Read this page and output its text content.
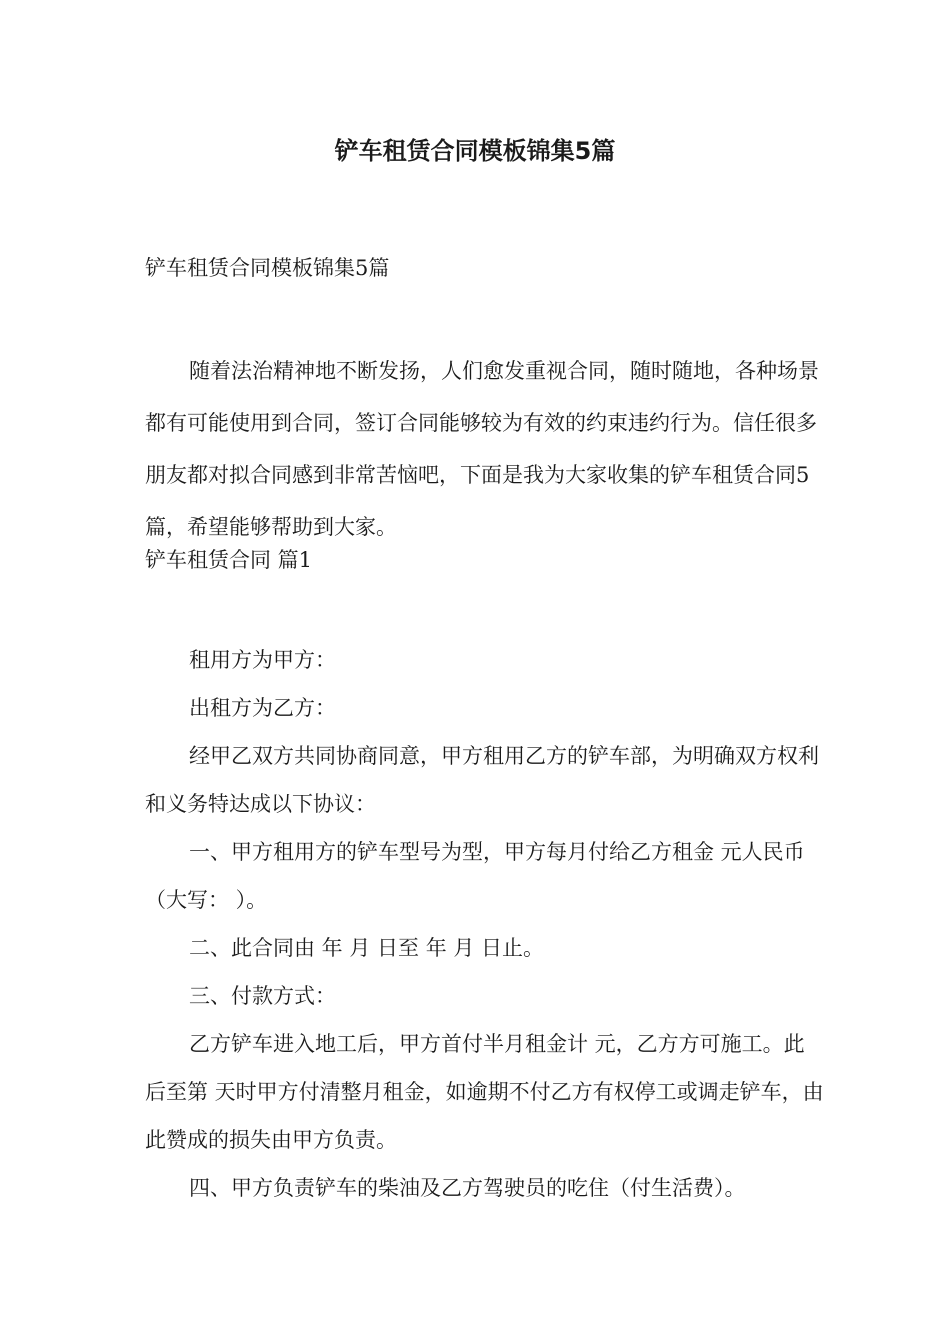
铲车租赁合同模板锦集5篇

铲车租赁合同模板锦集5篇

随着法治精神地不断发扬，人们愈发重视合同，随时随地，各种场景都有可能使用到合同，签订合同能够较为有效的约束违约行为。信任很多朋友都对拟合同感到非常苦恼吧，下面是我为大家收集的铲车租赁合同5篇，希望能够帮助到大家。

铲车租赁合同 篇1

租用方为甲方：

出租方为乙方：

经甲乙双方共同协商同意，甲方租用乙方的铲车部，为明确双方权利和义务特达成以下协议：

一、甲方租用方的铲车型号为型，甲方每月付给乙方租金 元人民币（大写： ）。

二、此合同由 年 月 日至 年 月 日止。

三、付款方式：

乙方铲车进入地工后，甲方首付半月租金计 元，乙方方可施工。此后至第 天时甲方付清整月租金，如逾期不付乙方有权停工或调走铲车，由此赞成的损失由甲方负责。

四、甲方负责铲车的柴油及乙方驾驶员的吃住（付生活费）。
